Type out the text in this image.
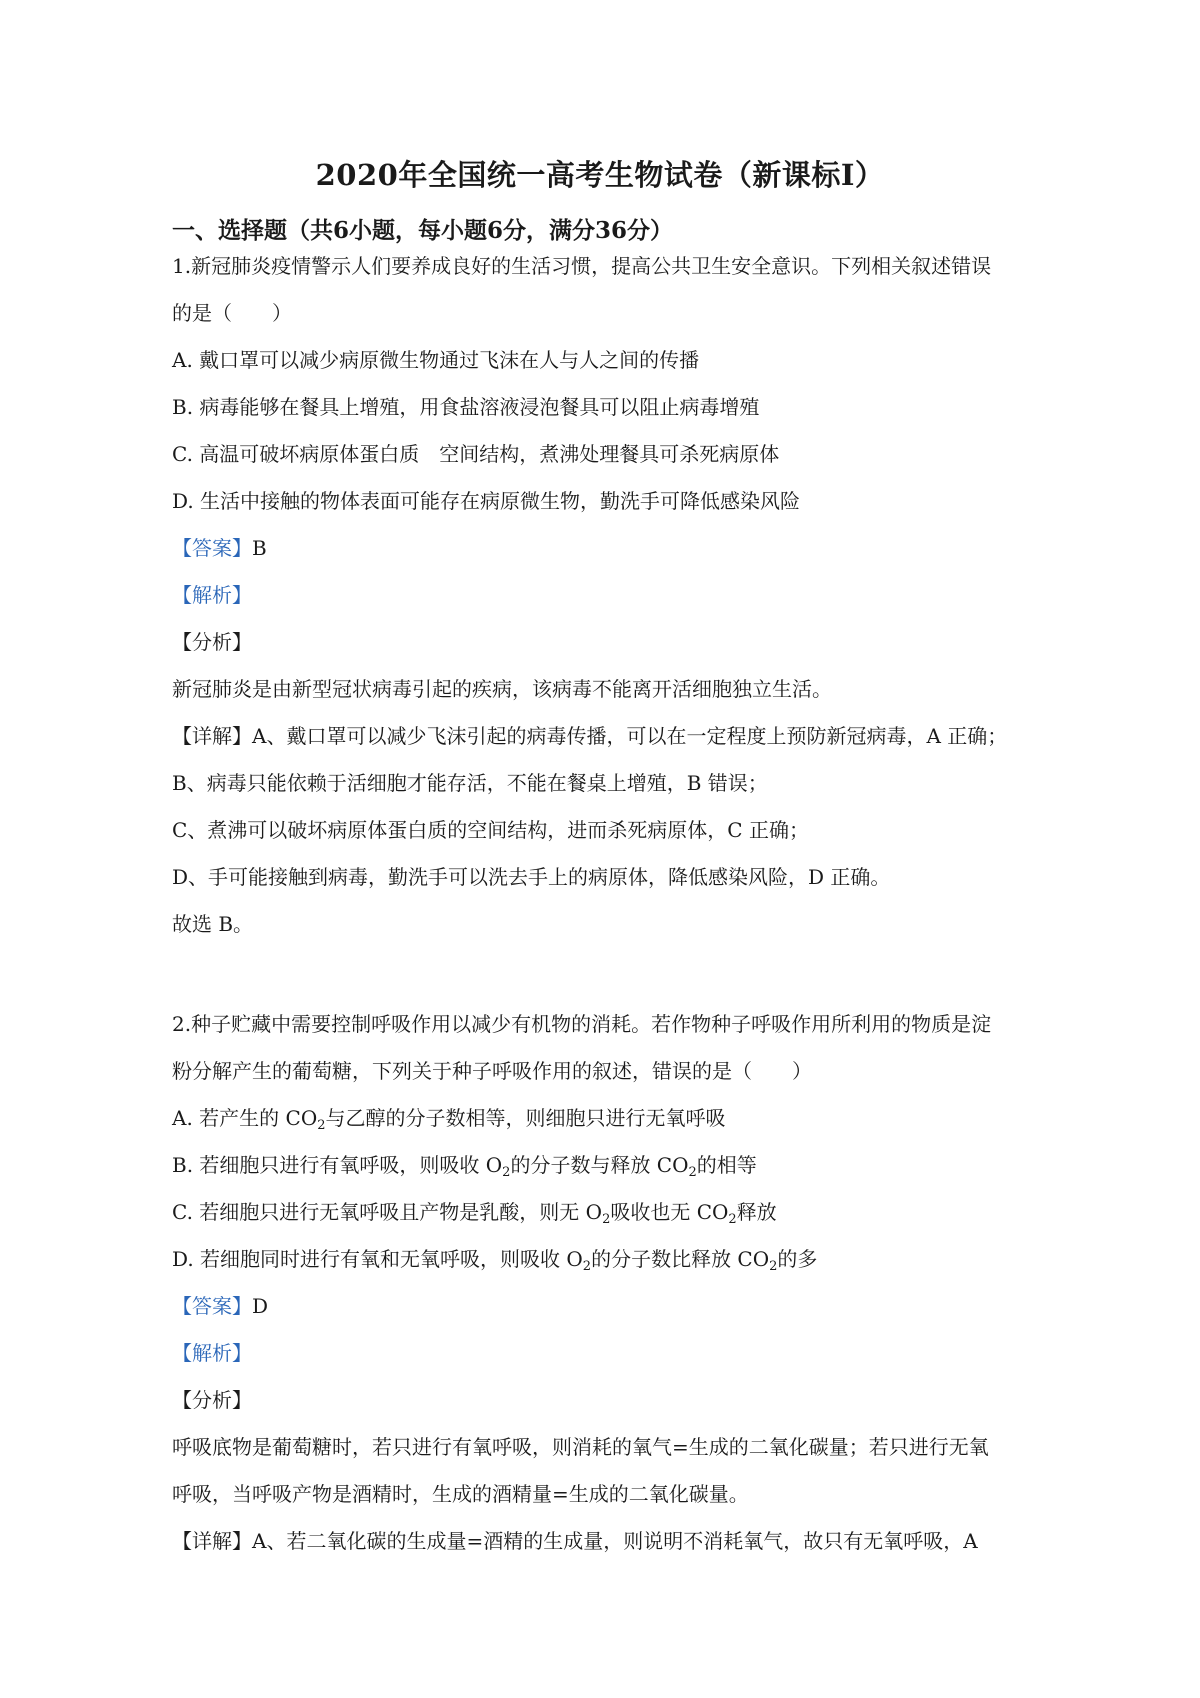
2020年全国统一高考生物试卷（新课标Ⅰ）
一、选择题（共6小题，每小题6分，满分36分）
1.新冠肺炎疫情警示人们要养成良好的生活习惯，提高公共卫生安全意识。下列相关叙述错误
的是（　　）
A. 戴口罩可以减少病原微生物通过飞沫在人与人之间的传播
B. 病毒能够在餐具上增殖，用食盐溶液浸泡餐具可以阻止病毒增殖
C. 高温可破坏病原体蛋白质　空间结构，煮沸处理餐具可杀死病原体
D. 生活中接触的物体表面可能存在病原微生物，勤洗手可降低感染风险
【答案】B
【解析】
【分析】
新冠肺炎是由新型冠状病毒引起的疾病，该病毒不能离开活细胞独立生活。
【详解】A、戴口罩可以减少飞沫引起的病毒传播，可以在一定程度上预防新冠病毒，A 正确；
B、病毒只能依赖于活细胞才能存活，不能在餐桌上增殖，B 错误；
C、煮沸可以破坏病原体蛋白质的空间结构，进而杀死病原体，C 正确；
D、手可能接触到病毒，勤洗手可以洗去手上的病原体，降低感染风险，D 正确。
故选 B。
2.种子贮藏中需要控制呼吸作用以减少有机物的消耗。若作物种子呼吸作用所利用的物质是淀
粉分解产生的葡萄糖，下列关于种子呼吸作用的叙述，错误的是（　　）
A. 若产生的 $CO_2$与乙醇的分子数相等，则细胞只进行无氧呼吸
B. 若细胞只进行有氧呼吸，则吸收 $O_2$的分子数与释放 $CO_2$的相等
C. 若细胞只进行无氧呼吸且产物是乳酸，则无 $O_2$吸收也无 $CO_2$释放
D. 若细胞同时进行有氧和无氧呼吸，则吸收 $O_2$的分子数比释放 $CO_2$的多
【答案】D
【解析】
【分析】
呼吸底物是葡萄糖时，若只进行有氧呼吸，则消耗的氧气=生成的二氧化碳量；若只进行无氧
呼吸，当呼吸产物是酒精时，生成的酒精量=生成的二氧化碳量。
【详解】A、若二氧化碳的生成量=酒精的生成量，则说明不消耗氧气，故只有无氧呼吸，A
